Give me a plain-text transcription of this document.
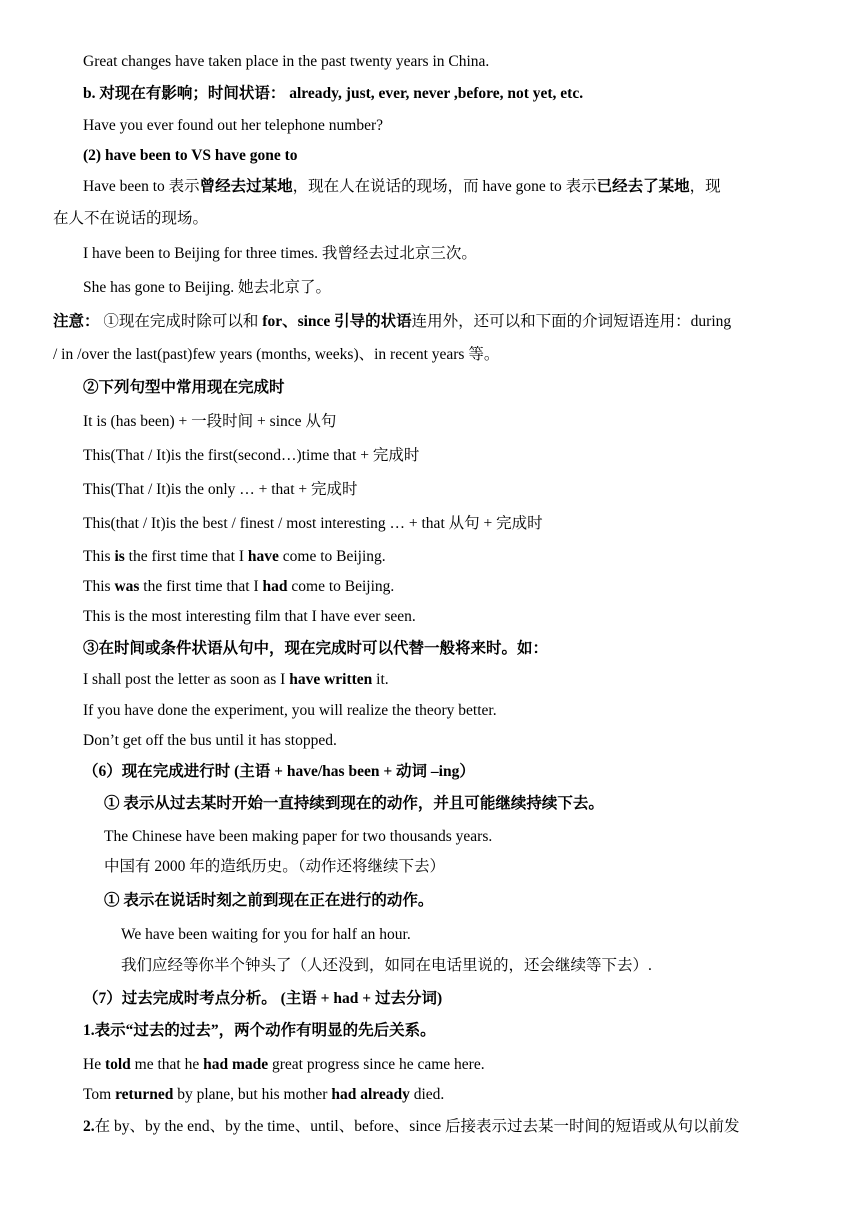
Great changes have taken place in the past twenty years in China.
b. 对现在有影响；时间状语： already, just, ever, never ,before, not yet, etc.
Have you ever found out her telephone number?
(2) have been to VS have gone to
Have been to 表示曾经去过某地，现在人在说话的现场，而 have gone to 表示已经去了某地，现
在人不在说话的现场。
I have been to Beijing for three times. 我曾经去过北京三次。
She has gone to Beijing. 她去北京了。
注意： ①现在完成时除可以和 for、since 引导的状语连用外，还可以和下面的介词短语连用：during
/ in /over the last(past)few years (months, weeks)、in recent years 等。
②下列句型中常用现在完成时
It is (has been) + 一段时间 + since 从句
This(That / It)is the first(second…)time that + 完成时
This(That / It)is the only … + that + 完成时
This(that / It)is the best / finest / most interesting … + that 从句 + 完成时
This is the first time that I have come to Beijing.
This was the first time that I had come to Beijing.
This is the most interesting film that I have ever seen.
③在时间或条件状语从句中，现在完成时可以代替一般将来时。如：
I shall post the letter as soon as I have written it.
If you have done the experiment, you will realize the theory better.
Don’t get off the bus until it has stopped.
（6）现在完成进行时 (主语 + have/has been + 动词 –ing）
① 表示从过去某时开始一直持续到现在的动作，并且可能继续持续下去。
The Chinese have been making paper for two thousands years.
中国有 2000 年的造纸历史。（动作还将继续下去）
① 表示在说话时刻之前到现在正在进行的动作。
We have been waiting for you for half an hour.
我们应经等你半个钟头了（人还没到，如同在电话里说的，还会继续等下去）.
（7）过去完成时考点分析。 (主语 + had + 过去分词)
1.表示“过去的过去”，两个动作有明显的先后关系。
He told me that he had made great progress since he came here.
Tom returned by plane, but his mother had already died.
2.在 by、by the end、by the time、until、before、since 后接表示过去某一时间的短语或从句以前发
